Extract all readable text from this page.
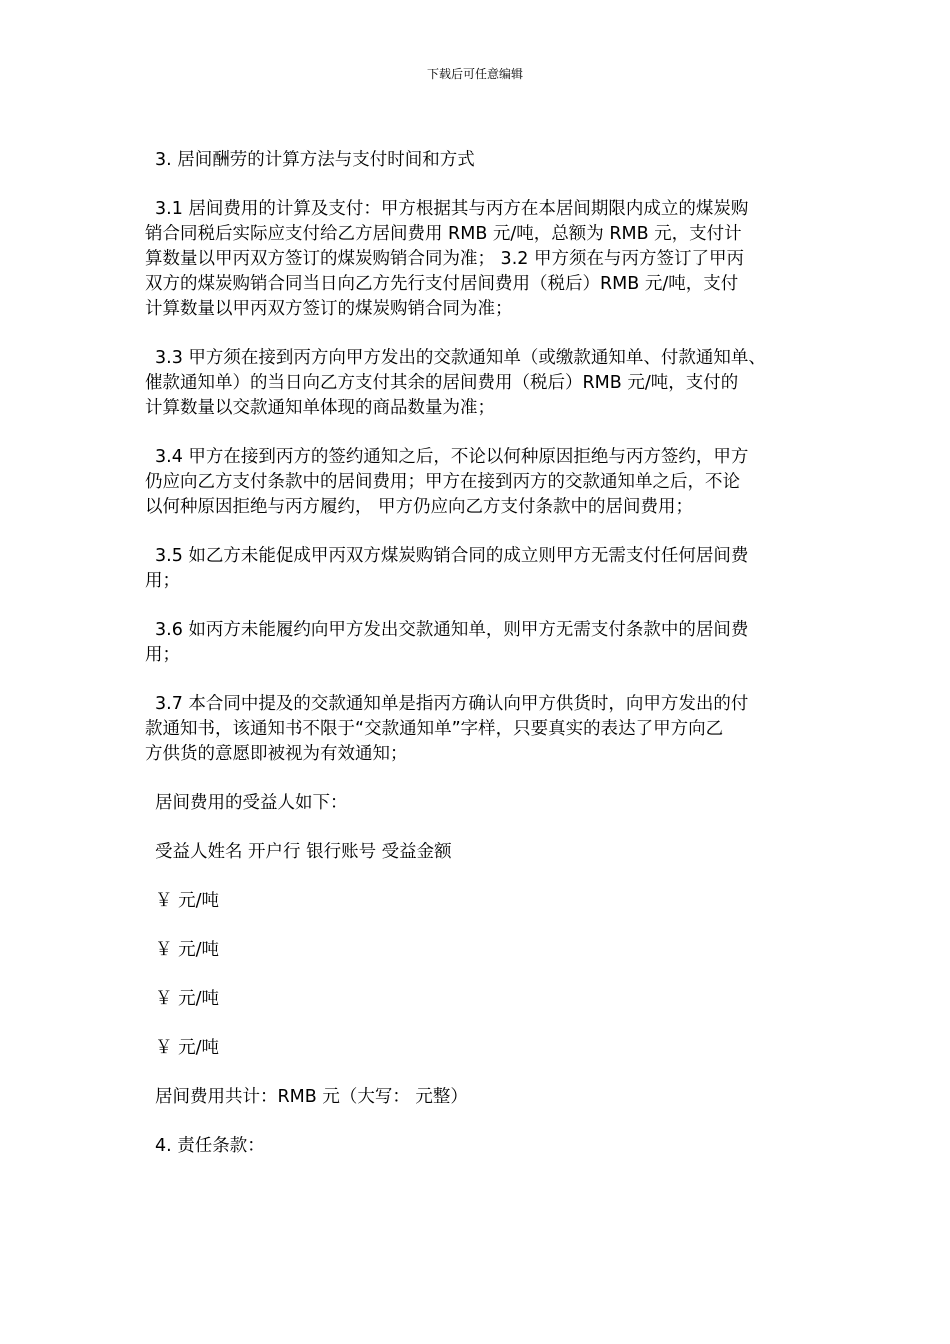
下载后可任意编辑

3. 居间酬劳的计算方法与支付时间和方式

3.1 居间费用的计算及支付：甲方根据其与丙方在本居间期限内成立的煤炭购
销合同税后实际应支付给乙方居间费用 RMB 元/吨，总额为 RMB 元，支付计
算数量以甲丙双方签订的煤炭购销合同为准； 3.2 甲方须在与丙方签订了甲丙
双方的煤炭购销合同当日向乙方先行支付居间费用（税后）RMB 元/吨，支付
计算数量以甲丙双方签订的煤炭购销合同为准；

3.3 甲方须在接到丙方向甲方发出的交款通知单（或缴款通知单、付款通知单、
催款通知单）的当日向乙方支付其余的居间费用（税后）RMB 元/吨，支付的
计算数量以交款通知单体现的商品数量为准；

3.4 甲方在接到丙方的签约通知之后，不论以何种原因拒绝与丙方签约，甲方
仍应向乙方支付条款中的居间费用；甲方在接到丙方的交款通知单之后，不论
以何种原因拒绝与丙方履约， 甲方仍应向乙方支付条款中的居间费用；

3.5 如乙方未能促成甲丙双方煤炭购销合同的成立则甲方无需支付任何居间费
用；

3.6 如丙方未能履约向甲方发出交款通知单，则甲方无需支付条款中的居间费
用；

3.7 本合同中提及的交款通知单是指丙方确认向甲方供货时，向甲方发出的付
款通知书，该通知书不限于“交款通知单”字样，只要真实的表达了甲方向乙
方供货的意愿即被视为有效通知；

居间费用的受益人如下：

受益人姓名 开户行 银行账号 受益金额

￥ 元/吨

￥ 元/吨

￥ 元/吨

￥ 元/吨

居间费用共计：RMB 元（大写： 元整）

4. 责任条款：
